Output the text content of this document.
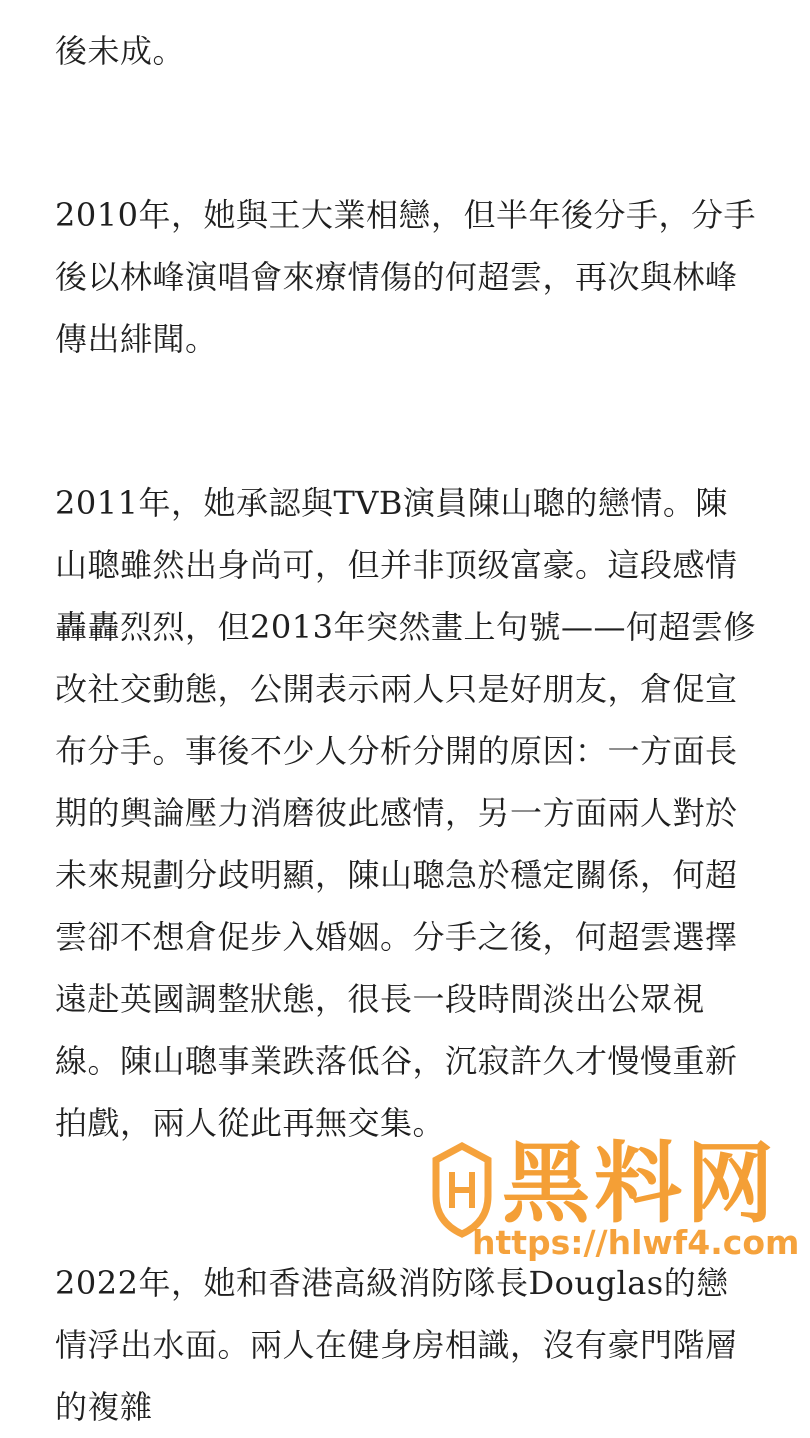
後未成。

2010年，她與王大業相戀，但半年後分手，分手後以林峰演唱會來療情傷的何超雲，再次與林峰傳出緋聞。

2011年，她承認與TVB演員陳山聰的戀情。陳山聰雖然出身尚可，但并非顶级富豪。這段感情轟轟烈烈，但2013年突然畫上句號——何超雲修改社交動態，公開表示兩人只是好朋友，倉促宣布分手。事後不少人分析分開的原因：一方面長期的輿論壓力消磨彼此感情，另一方面兩人對於未來規劃分歧明顯，陳山聰急於穩定關係，何超雲卻不想倉促步入婚姻。分手之後，何超雲選擇遠赴英國調整狀態，很長一段時間淡出公眾視線。陳山聰事業跌落低谷，沉寂許久才慢慢重新拍戲，兩人從此再無交集。

2022年，她和香港高級消防隊長Douglas的戀情浮出水面。兩人在健身房相識，沒有豪門階層的複雜

黑料网
https://hlwf4.com
